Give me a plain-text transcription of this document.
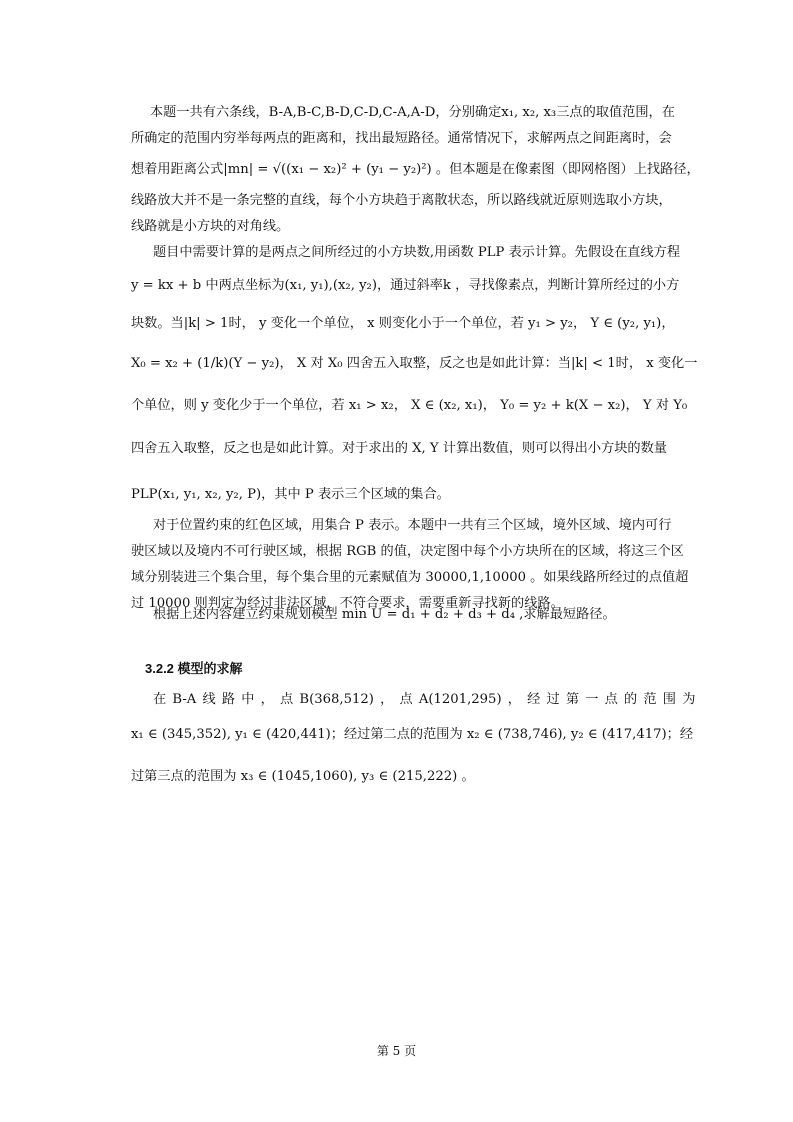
本题一共有六条线，B-A,B-C,B-D,C-D,C-A,A-D，分别确定x₁, x₂, x₃三点的取值范围，在
所确定的范围内穷举每两点的距离和，找出最短路径。通常情况下，求解两点之间距离时，会
想着用距离公式|mn| = √((x₁ − x₂)² + (y₁ − y₂)²) 。但本题是在像素图（即网格图）上找路径，
线路放大并不是一条完整的直线，每个小方块趋于离散状态，所以路线就近原则选取小方块，
线路就是小方块的对角线。
题目中需要计算的是两点之间所经过的小方块数,用函数 PLP 表示计算。先假设在直线方程
y = kx + b 中两点坐标为(x₁, y₁),(x₂, y₂)，通过斜率k ，寻找像素点，判断计算所经过的小方
块数。当|k| > 1时， y 变化一个单位， x 则变化小于一个单位，若 y₁ > y₂， Y ∈ (y₂, y₁)，
X₀ = x₂ + (1/k)(Y − y₂)， X 对 X₀ 四舍五入取整，反之也是如此计算：当|k| < 1时， x 变化一
个单位，则 y 变化少于一个单位，若 x₁ > x₂， X ∈ (x₂, x₁)， Y₀ = y₂ + k(X − x₂)， Y 对 Y₀
四舍五入取整，反之也是如此计算。对于求出的 X, Y 计算出数值，则可以得出小方块的数量
PLP(x₁, y₁, x₂, y₂, P)，其中 P 表示三个区域的集合。
对于位置约束的红色区域，用集合 P 表示。本题中一共有三个区域，境外区域、境内可行
驶区域以及境内不可行驶区域，根据 RGB 的值，决定图中每个小方块所在的区域，将这三个区
域分别装进三个集合里，每个集合里的元素赋值为 30000,1,10000 。如果线路所经过的点值超
过 10000 则判定为经过非法区域，不符合要求，需要重新寻找新的线路。
根据上述内容建立约束规划模型 min U = d₁ + d₂ + d₃ + d₄ ,求解最短路径。

3.2.2 模型的求解

在 B-A 线 路 中 ， 点 B(368,512) ， 点 A(1201,295) ， 经 过 第 一 点 的 范 围 为
x₁ ∈ (345,352), y₁ ∈ (420,441)；经过第二点的范围为 x₂ ∈ (738,746), y₂ ∈ (417,417)；经
过第三点的范围为 x₃ ∈ (1045,1060), y₃ ∈ (215,222) 。
第 5 页
